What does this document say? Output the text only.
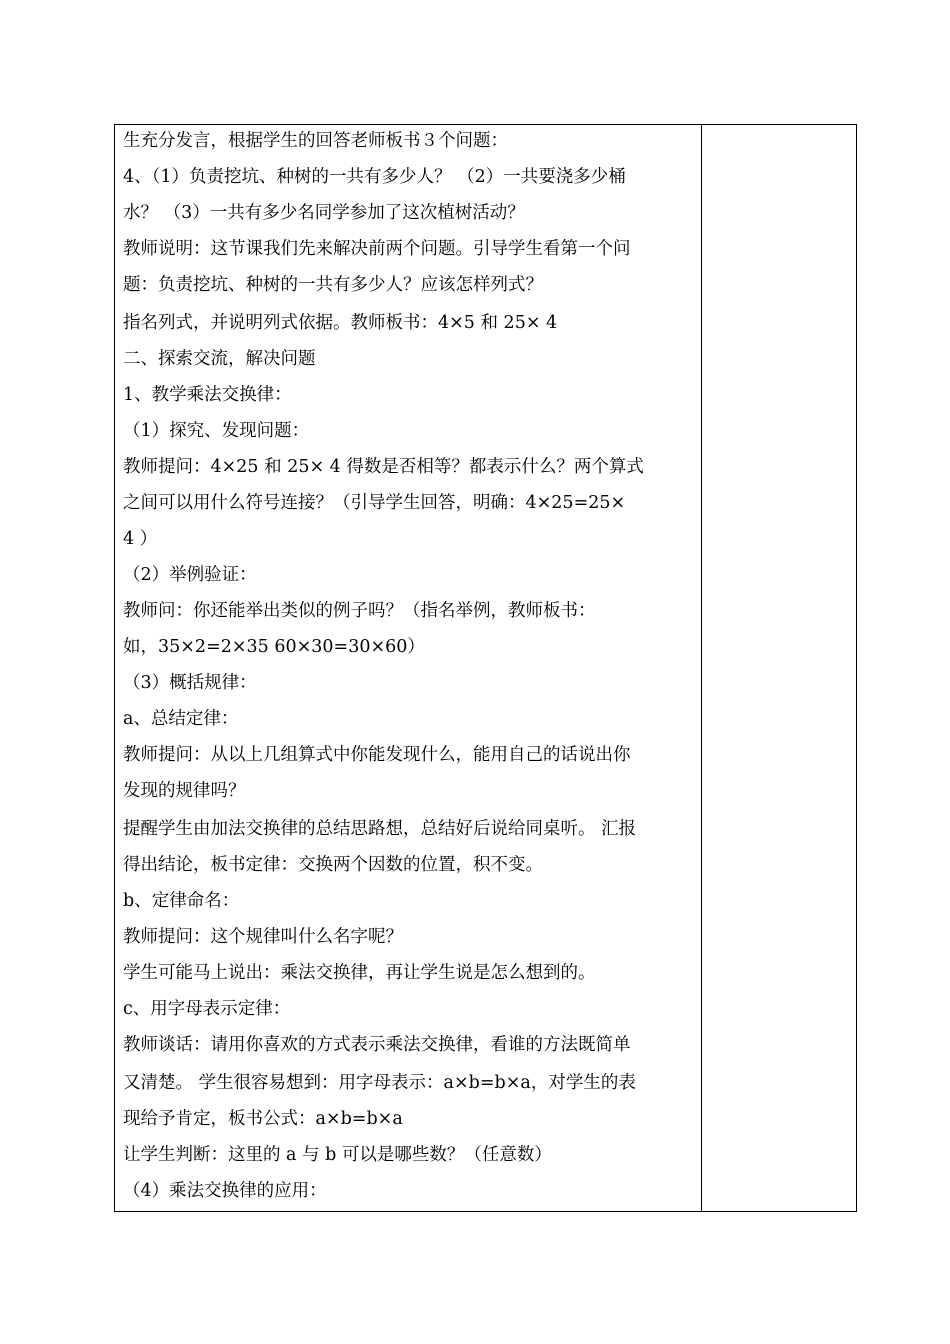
生充分发言，根据学生的回答老师板书３个问题：
4、（1）负责挖坑、种树的一共有多少人？ （2）一共要浇多少桶
水？ （3）一共有多少名同学参加了这次植树活动？
教师说明：这节课我们先来解决前两个问题。引导学生看第一个问
题：负责挖坑、种树的一共有多少人？应该怎样列式？
指名列式，并说明列式依据。教师板书：4×5 和 25× 4
二、探索交流，解决问题
1、教学乘法交换律：
（1）探究、发现问题：
教师提问：4×25 和 25× 4 得数是否相等？都表示什么？两个算式
之间可以用什么符号连接？（引导学生回答，明确：4×25=25×
4 ）
（2）举例验证：
教师问：你还能举出类似的例子吗？（指名举例，教师板书：
如，35×2=2×35 60×30=30×60）
（3）概括规律：
a、总结定律：
教师提问：从以上几组算式中你能发现什么，能用自己的话说出你
发现的规律吗？
提醒学生由加法交换律的总结思路想，总结好后说给同桌听。 汇报
得出结论，板书定律：交换两个因数的位置，积不变。
b、定律命名：
教师提问：这个规律叫什么名字呢？
学生可能马上说出：乘法交换律，再让学生说是怎么想到的。
c、用字母表示定律：
教师谈话：请用你喜欢的方式表示乘法交换律，看谁的方法既简单
又清楚。 学生很容易想到：用字母表示：a×b=b×a，对学生的表
现给予肯定，板书公式：a×b=b×a
让学生判断：这里的 a 与 b 可以是哪些数？（任意数）
（4）乘法交换律的应用：
